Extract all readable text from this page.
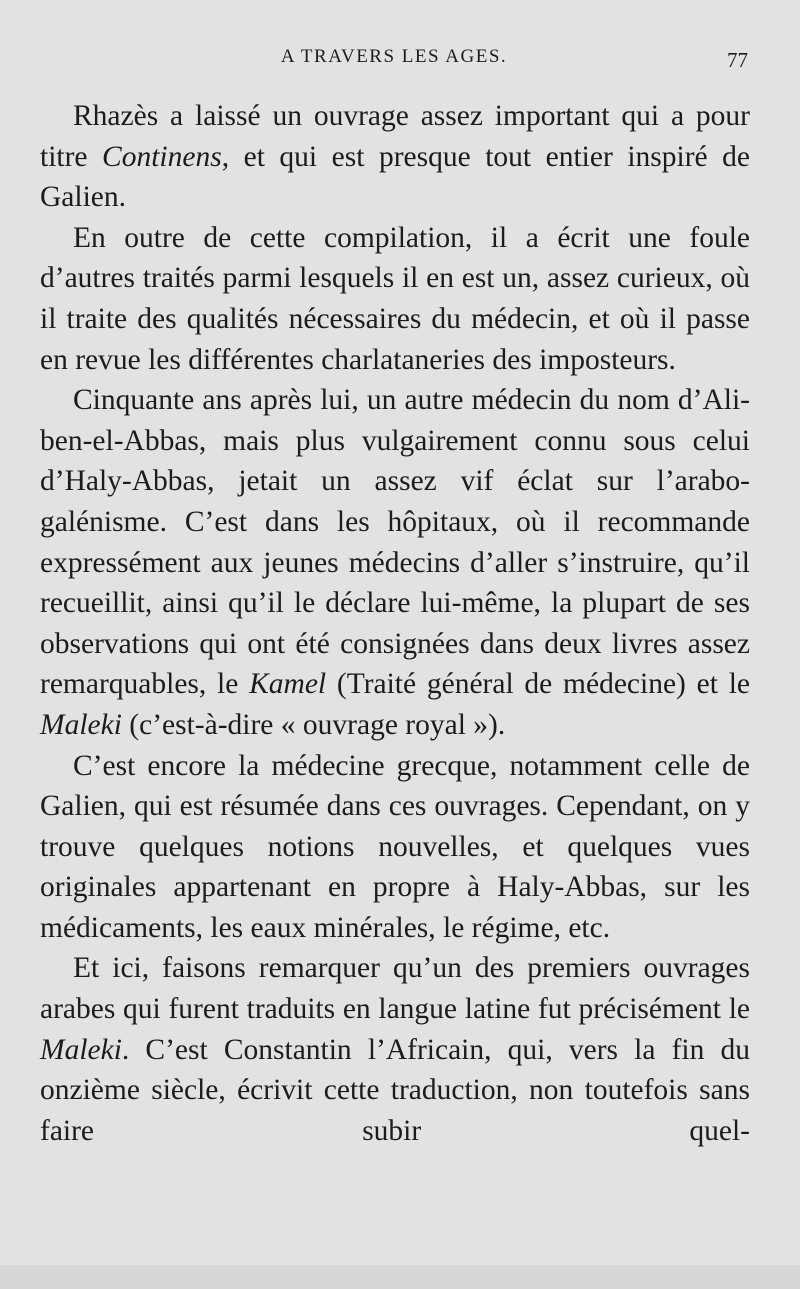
A TRAVERS LES AGES.	77

Rhazès a laissé un ouvrage assez important qui a pour titre Continens, et qui est presque tout entier inspiré de Galien.

En outre de cette compilation, il a écrit une foule d’autres traités parmi lesquels il en est un, assez curieux, où il traite des qualités nécessaires du médecin, et où il passe en revue les différentes charlataneries des imposteurs.

Cinquante ans après lui, un autre médecin du nom d’Ali-ben-el-Abbas, mais plus vulgairement connu sous celui d’Haly-Abbas, jetait un assez vif éclat sur l’arabo-galénisme. C’est dans les hôpitaux, où il recommande expressément aux jeunes médecins d’aller s’instruire, qu’il recueillit, ainsi qu’il le déclare lui-même, la plupart de ses observations qui ont été consignées dans deux livres assez remarquables, le Kamel (Traité général de médecine) et le Maleki (c’est-à-dire « ouvrage royal »).

C’est encore la médecine grecque, notamment celle de Galien, qui est résumée dans ces ouvrages. Cependant, on y trouve quelques notions nouvelles, et quelques vues originales appartenant en propre à Haly-Abbas, sur les médicaments, les eaux minérales, le régime, etc.

Et ici, faisons remarquer qu’un des premiers ouvrages arabes qui furent traduits en langue latine fut précisément le Maleki. C’est Constantin l’Africain, qui, vers la fin du onzième siècle, écrivit cette traduction, non toutefois sans faire subir quel-
